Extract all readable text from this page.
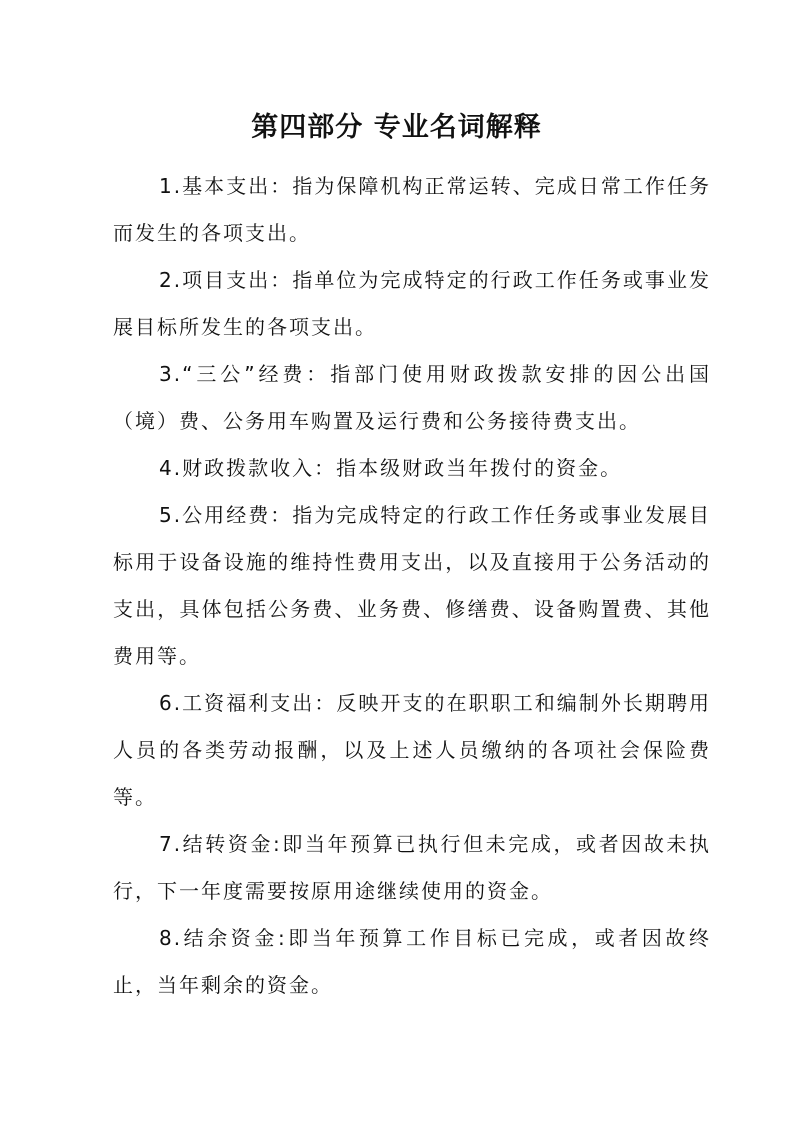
第四部分 专业名词解释

1.基本支出：指为保障机构正常运转、完成日常工作任务而发生的各项支出。

2.项目支出：指单位为完成特定的行政工作任务或事业发展目标所发生的各项支出。

3.“三公”经费：指部门使用财政拨款安排的因公出国（境）费、公务用车购置及运行费和公务接待费支出。

4.财政拨款收入：指本级财政当年拨付的资金。

5.公用经费：指为完成特定的行政工作任务或事业发展目标用于设备设施的维持性费用支出，以及直接用于公务活动的支出，具体包括公务费、业务费、修缮费、设备购置费、其他费用等。

6.工资福利支出：反映开支的在职职工和编制外长期聘用人员的各类劳动报酬，以及上述人员缴纳的各项社会保险费等。

7.结转资金:即当年预算已执行但未完成，或者因故未执行，下一年度需要按原用途继续使用的资金。

8.结余资金:即当年预算工作目标已完成，或者因故终止，当年剩余的资金。
